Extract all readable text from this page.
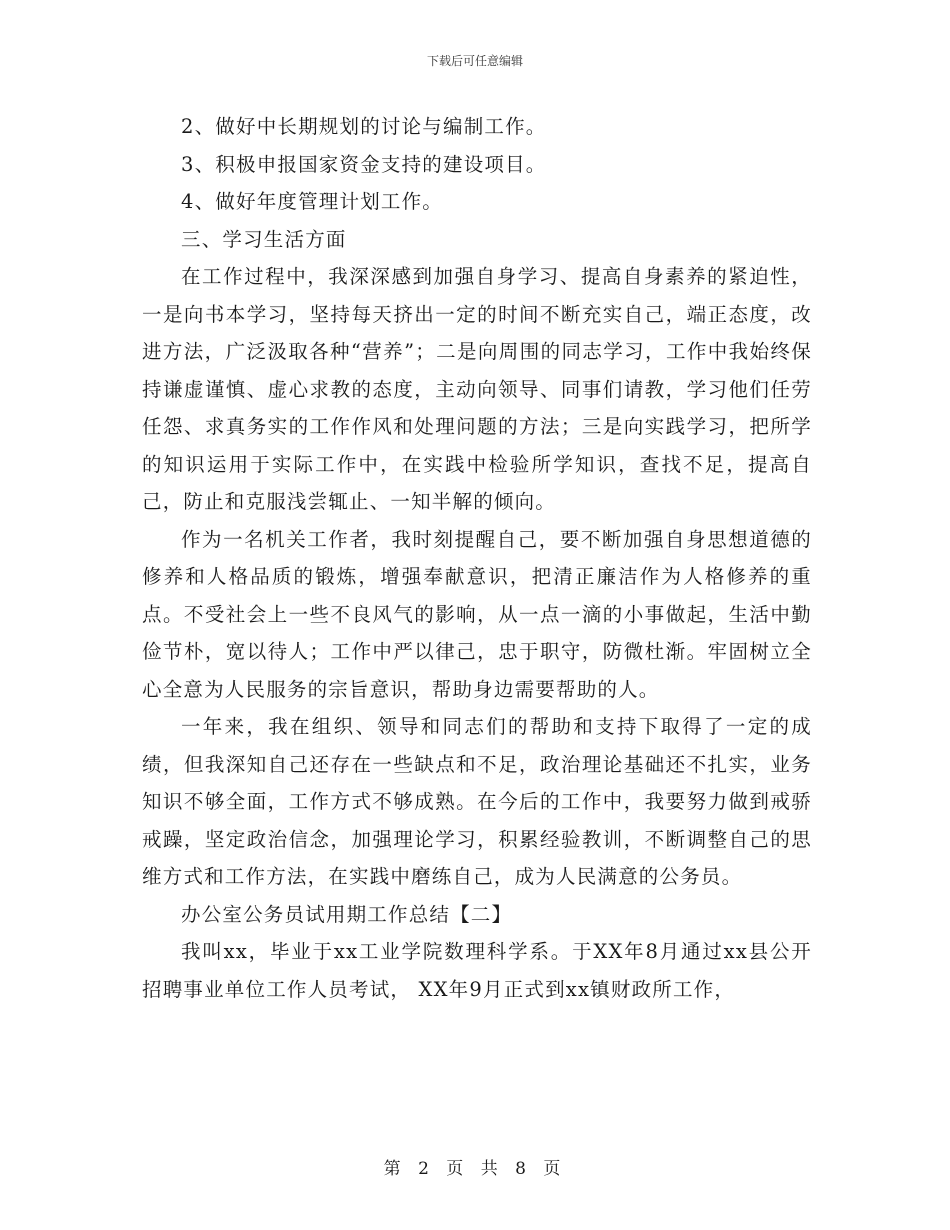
下载后可任意编辑

2、做好中长期规划的讨论与编制工作。

3、积极申报国家资金支持的建设项目。

4、做好年度管理计划工作。

三、学习生活方面

在工作过程中，我深深感到加强自身学习、提高自身素养的紧迫性，一是向书本学习，坚持每天挤出一定的时间不断充实自己，端正态度，改进方法，广泛汲取各种“营养”；二是向周围的同志学习，工作中我始终保持谦虚谨慎、虚心求教的态度，主动向领导、同事们请教，学习他们任劳任怨、求真务实的工作作风和处理问题的方法；三是向实践学习，把所学的知识运用于实际工作中，在实践中检验所学知识，查找不足，提高自己，防止和克服浅尝辄止、一知半解的倾向。

作为一名机关工作者，我时刻提醒自己，要不断加强自身思想道德的修养和人格品质的锻炼，增强奉献意识，把清正廉洁作为人格修养的重点。不受社会上一些不良风气的影响，从一点一滴的小事做起，生活中勤俭节朴，宽以待人；工作中严以律己，忠于职守，防微杜渐。牢固树立全心全意为人民服务的宗旨意识，帮助身边需要帮助的人。

一年来，我在组织、领导和同志们的帮助和支持下取得了一定的成绩，但我深知自己还存在一些缺点和不足，政治理论基础还不扎实，业务知识不够全面，工作方式不够成熟。在今后的工作中，我要努力做到戒骄戒躁，坚定政治信念，加强理论学习，积累经验教训，不断调整自己的思维方式和工作方法，在实践中磨练自己，成为人民满意的公务员。

办公室公务员试用期工作总结【二】

我叫xx，毕业于xx工业学院数理科学系。于XX年8月通过xx县公开招聘事业单位工作人员考试， XX年9月正式到xx镇财政所工作，

第 2 页 共 8 页
